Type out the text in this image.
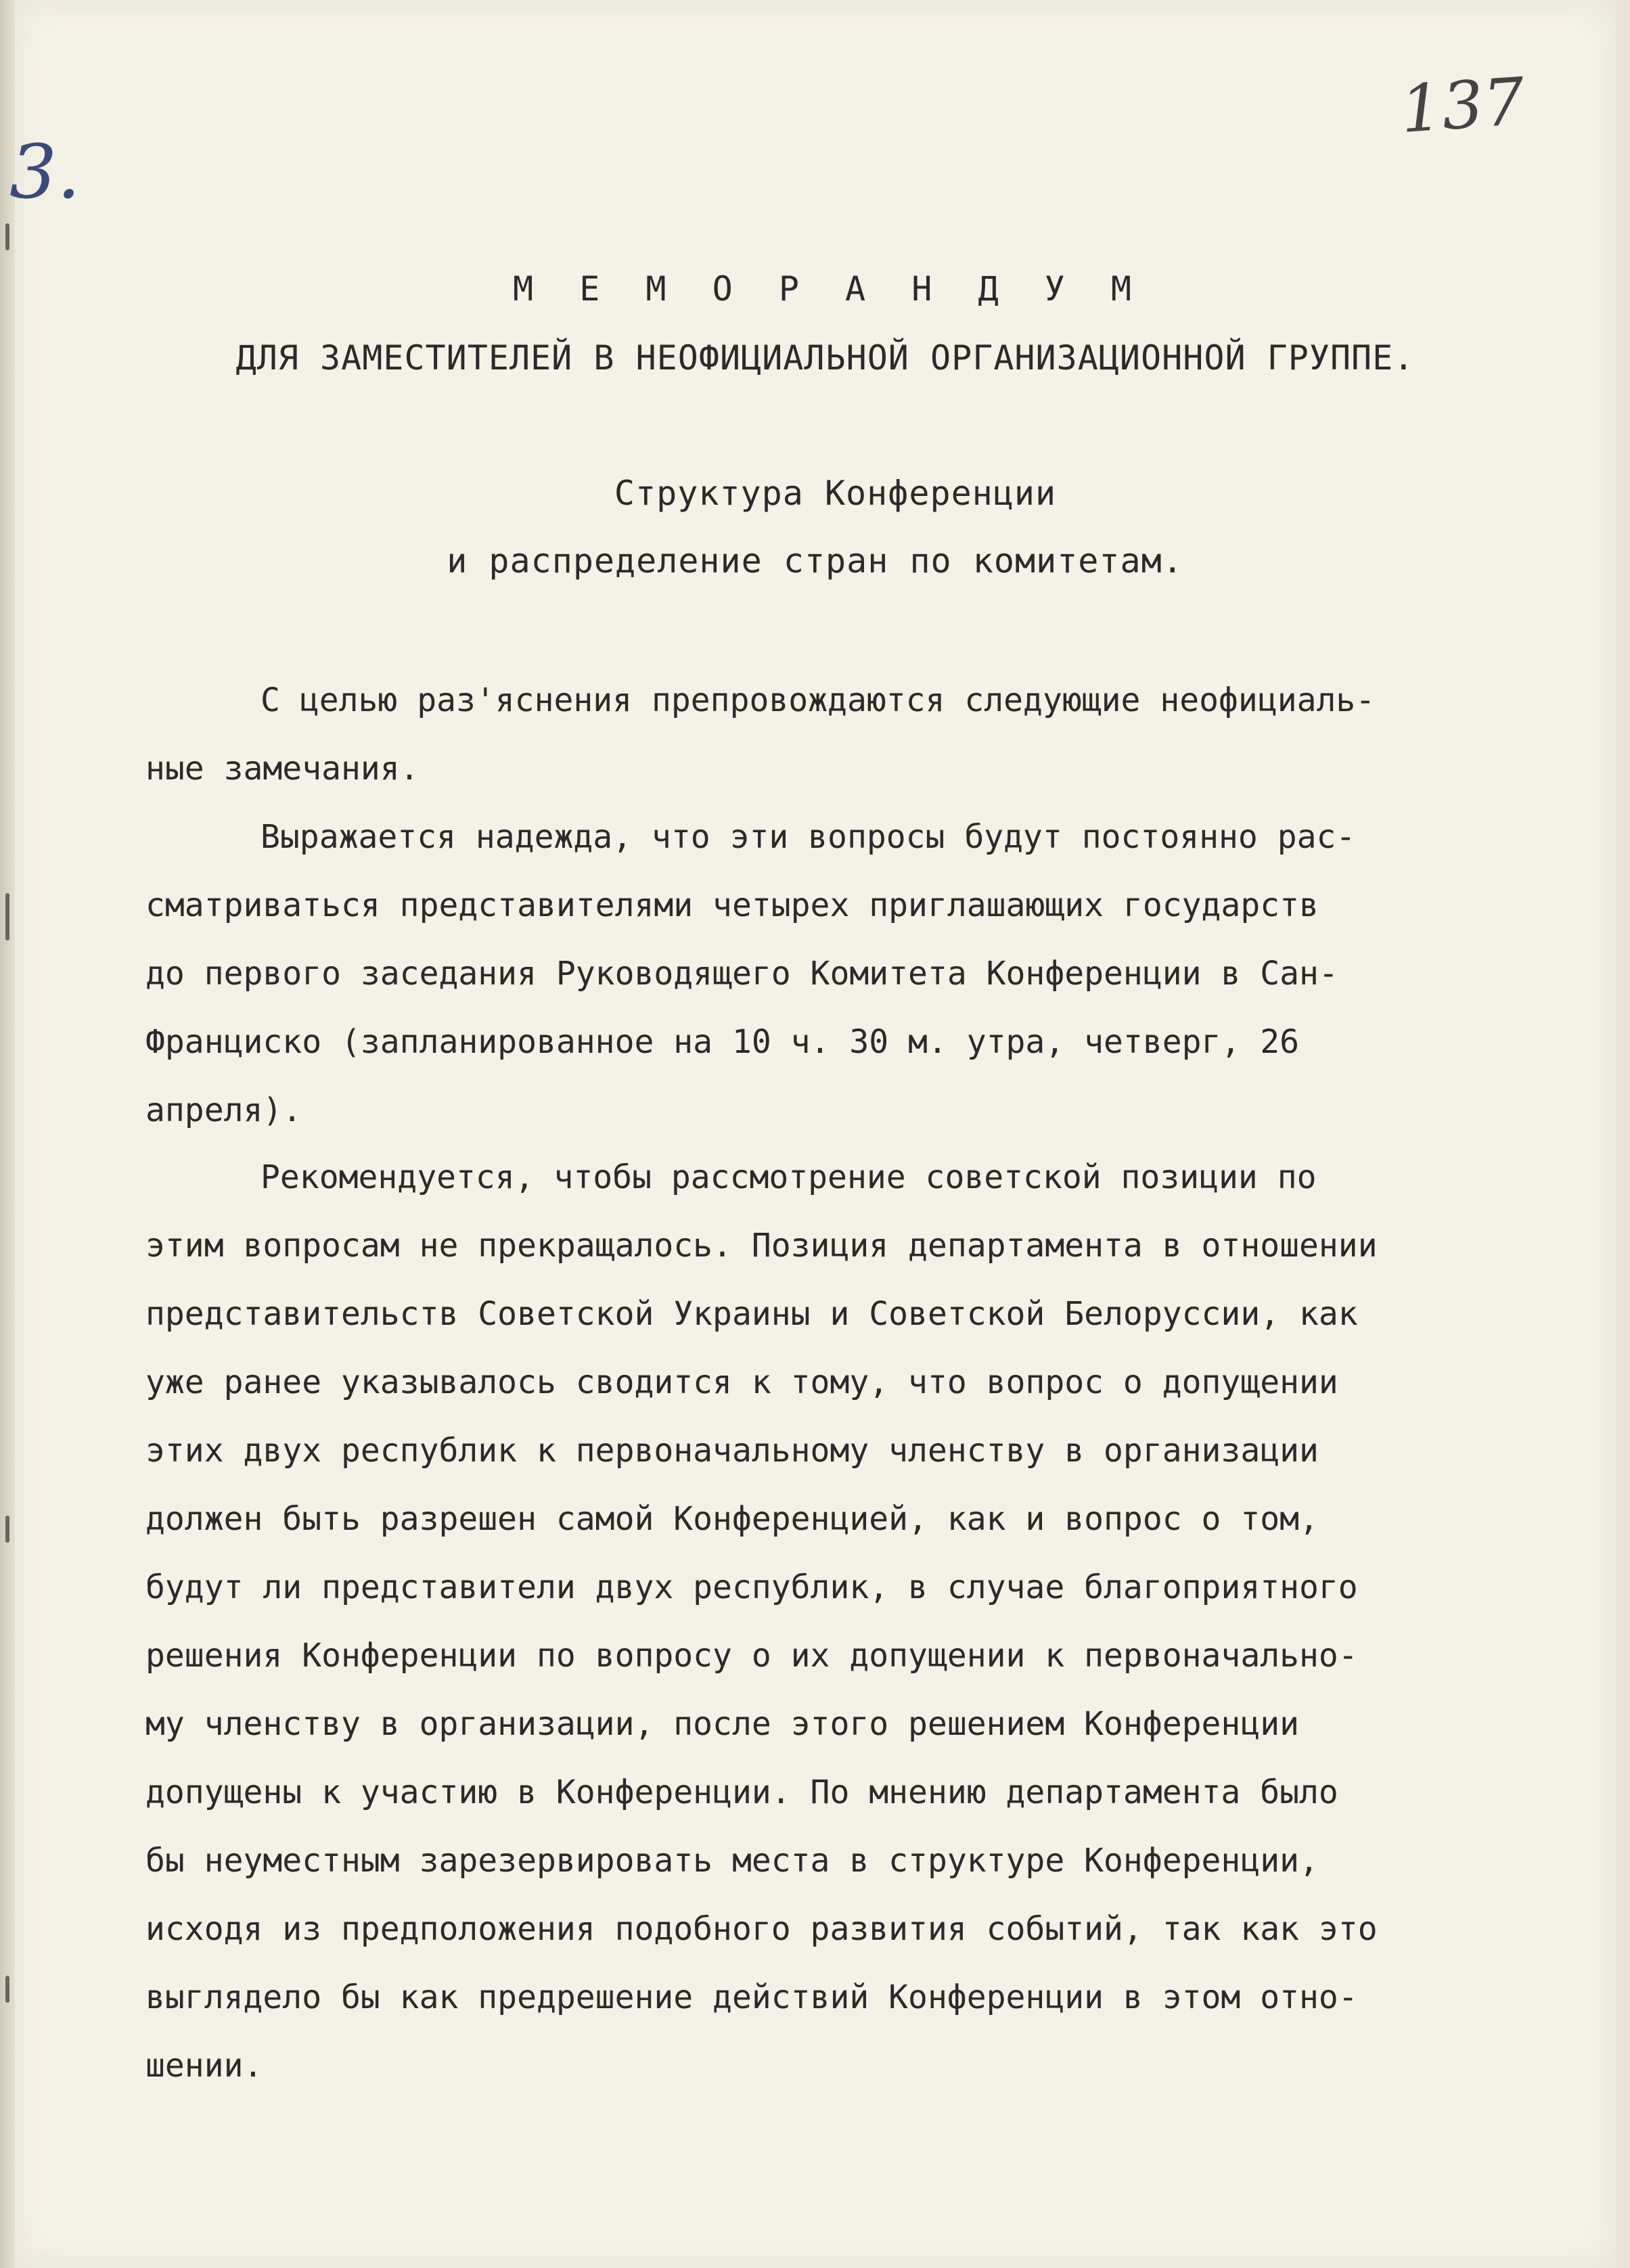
3.
137
М Е М О Р А Н Д У М
ДЛЯ ЗАМЕСТИТЕЛЕЙ В НЕОФИЦИАЛЬНОЙ ОРГАНИЗАЦИОННОЙ ГРУППЕ.
Структура Конференции
и распределение стран по комитетам.
С целью раз'яснения препровождаются следующие неофициаль-
ные замечания.
Выражается надежда, что эти вопросы будут постоянно рас-
сматриваться представителями четырех приглашающих государств
до первого заседания Руководящего Комитета Конференции в Сан-
Франциско (запланированное на 10 ч. 30 м. утра, четверг, 26
апреля).
Рекомендуется, чтобы рассмотрение советской позиции по
этим вопросам не прекращалось. Позиция департамента в отношении
представительств Советской Украины и Советской Белоруссии, как
уже ранее указывалось сводится к тому, что вопрос о допущении
этих двух республик к первоначальному членству в организации
должен быть разрешен самой Конференцией, как и вопрос о том,
будут ли представители двух республик, в случае благоприятного
решения Конференции по вопросу о их допущении к первоначально-
му членству в организации, после этого решением Конференции
допущены к участию в Конференции. По мнению департамента было
бы неуместным зарезервировать места в структуре Конференции,
исходя из предположения подобного развития событий, так как это
выглядело бы как предрешение действий Конференции в этом отно-
шении.
